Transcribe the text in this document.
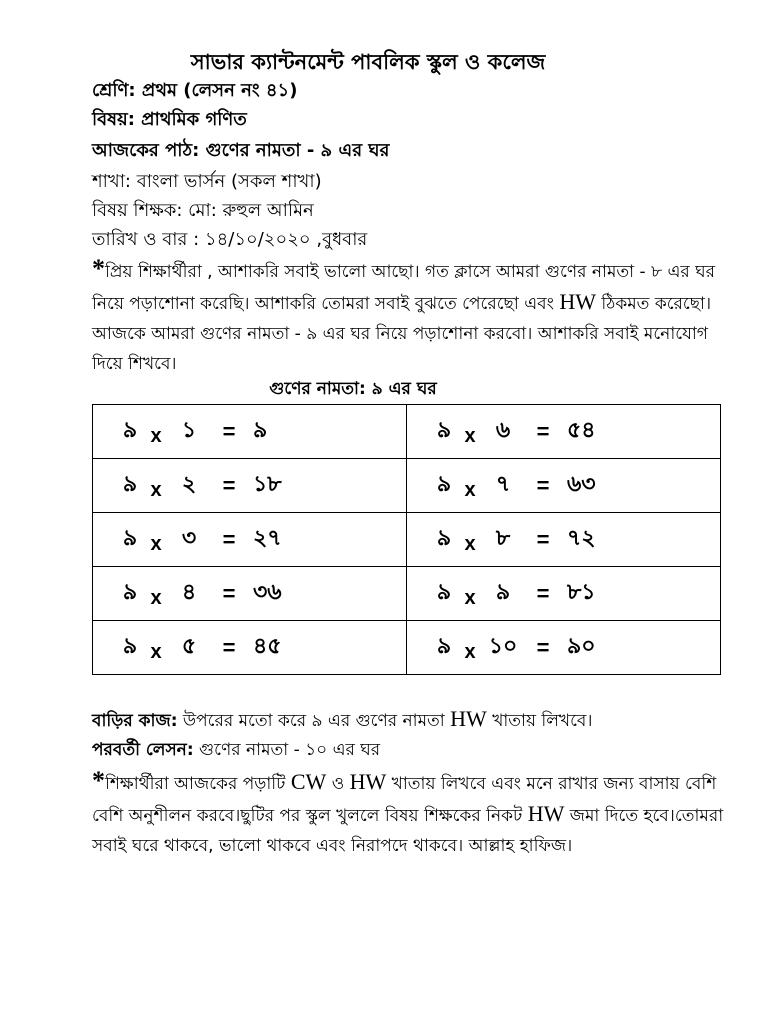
সাভার ক্যান্টনমেন্ট পাবলিক স্কুল ও কলেজ
শ্রেণি: প্রথম (লেসন নং ৪১)
বিষয়: প্রাথমিক গণিত
আজকের পাঠ: গুণের নামতা - ৯ এর ঘর
শাখা: বাংলা ভার্সন (সকল শাখা)
বিষয় শিক্ষক: মো: রুহুল আমিন
তারিখ ও বার : ১৪/১০/২০২০ ,বুধবার
*প্রিয় শিক্ষার্থীরা , আশাকরি সবাই ভালো আছো। গত ক্লাসে আমরা গুণের নামতা - ৮ এর ঘর নিয়ে পড়াশোনা করেছি। আশাকরি তোমরা সবাই বুঝতে পেরেছো এবং HW ঠিকমত করেছো। আজকে আমরা গুণের নামতা - ৯ এর ঘর নিয়ে পড়াশোনা করবো। আশাকরি সবাই মনোযোগ দিয়ে শিখবে।
গুণের নামতা: ৯ এর ঘর
৯ x ১ = ৯	৯ x ৬ = ৫৪

৯ x ২ = ১৮	৯ x ৭ = ৬৩

৯ x ৩ = ২৭	৯ x ৮ = ৭২

৯ x ৪ = ৩৬	৯ x ৯ = ৮১

৯ x ৫ = ৪৫	৯ x ১০ = ৯০
বাড়ির কাজ: উপরের মতো করে ৯ এর গুণের নামতা HW খাতায় লিখবে।
পরবর্তী লেসন: গুণের নামতা - ১০ এর ঘর
*শিক্ষার্থীরা আজকের পড়াটি CW ও HW খাতায় লিখবে এবং মনে রাখার জন্য বাসায় বেশি বেশি অনুশীলন করবে।ছুটির পর স্কুল খুললে বিষয় শিক্ষকের নিকট HW জমা দিতে হবে।তোমরা সবাই ঘরে থাকবে, ভালো থাকবে এবং নিরাপদে থাকবে। আল্লাহ হাফিজ।
